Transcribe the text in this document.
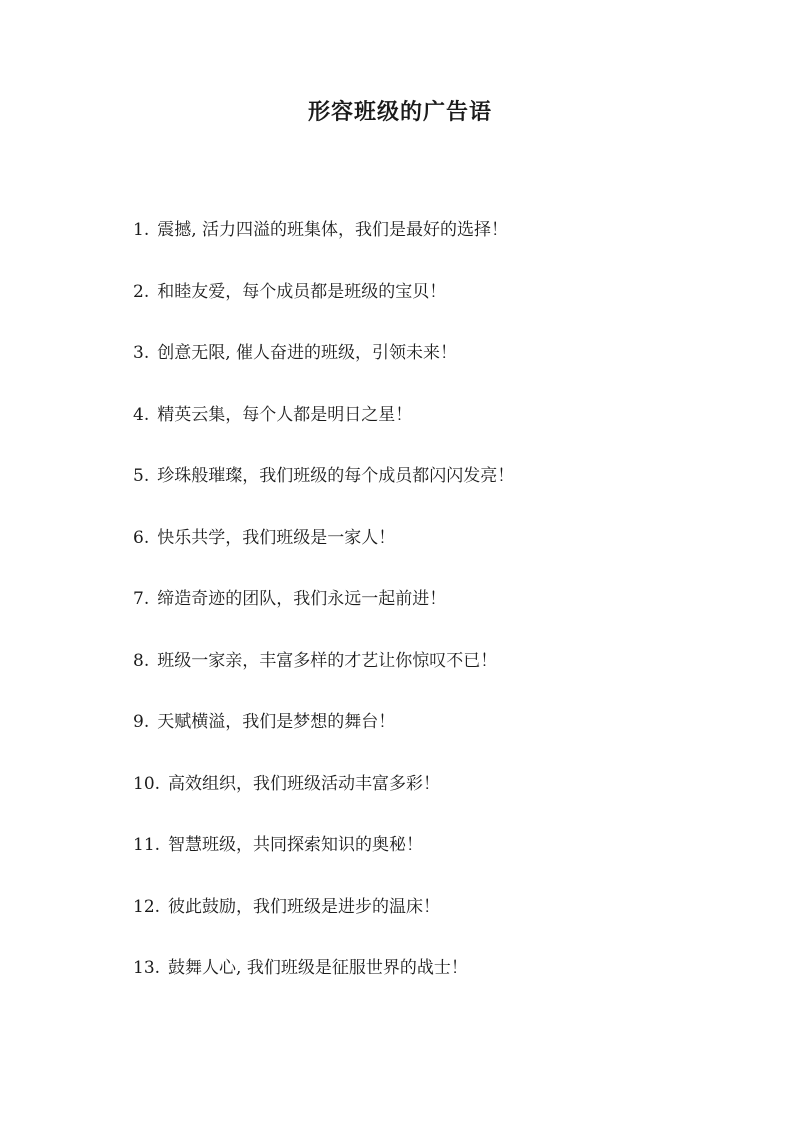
形容班级的广告语
1. 震撼, 活力四溢的班集体，我们是最好的选择！
2. 和睦友爱，每个成员都是班级的宝贝！
3. 创意无限, 催人奋进的班级，引领未来！
4. 精英云集，每个人都是明日之星！
5. 珍珠般璀璨，我们班级的每个成员都闪闪发亮！
6. 快乐共学，我们班级是一家人！
7. 缔造奇迹的团队，我们永远一起前进！
8. 班级一家亲，丰富多样的才艺让你惊叹不已！
9. 天赋横溢，我们是梦想的舞台！
10. 高效组织，我们班级活动丰富多彩！
11. 智慧班级，共同探索知识的奥秘！
12. 彼此鼓励，我们班级是进步的温床！
13. 鼓舞人心, 我们班级是征服世界的战士！
